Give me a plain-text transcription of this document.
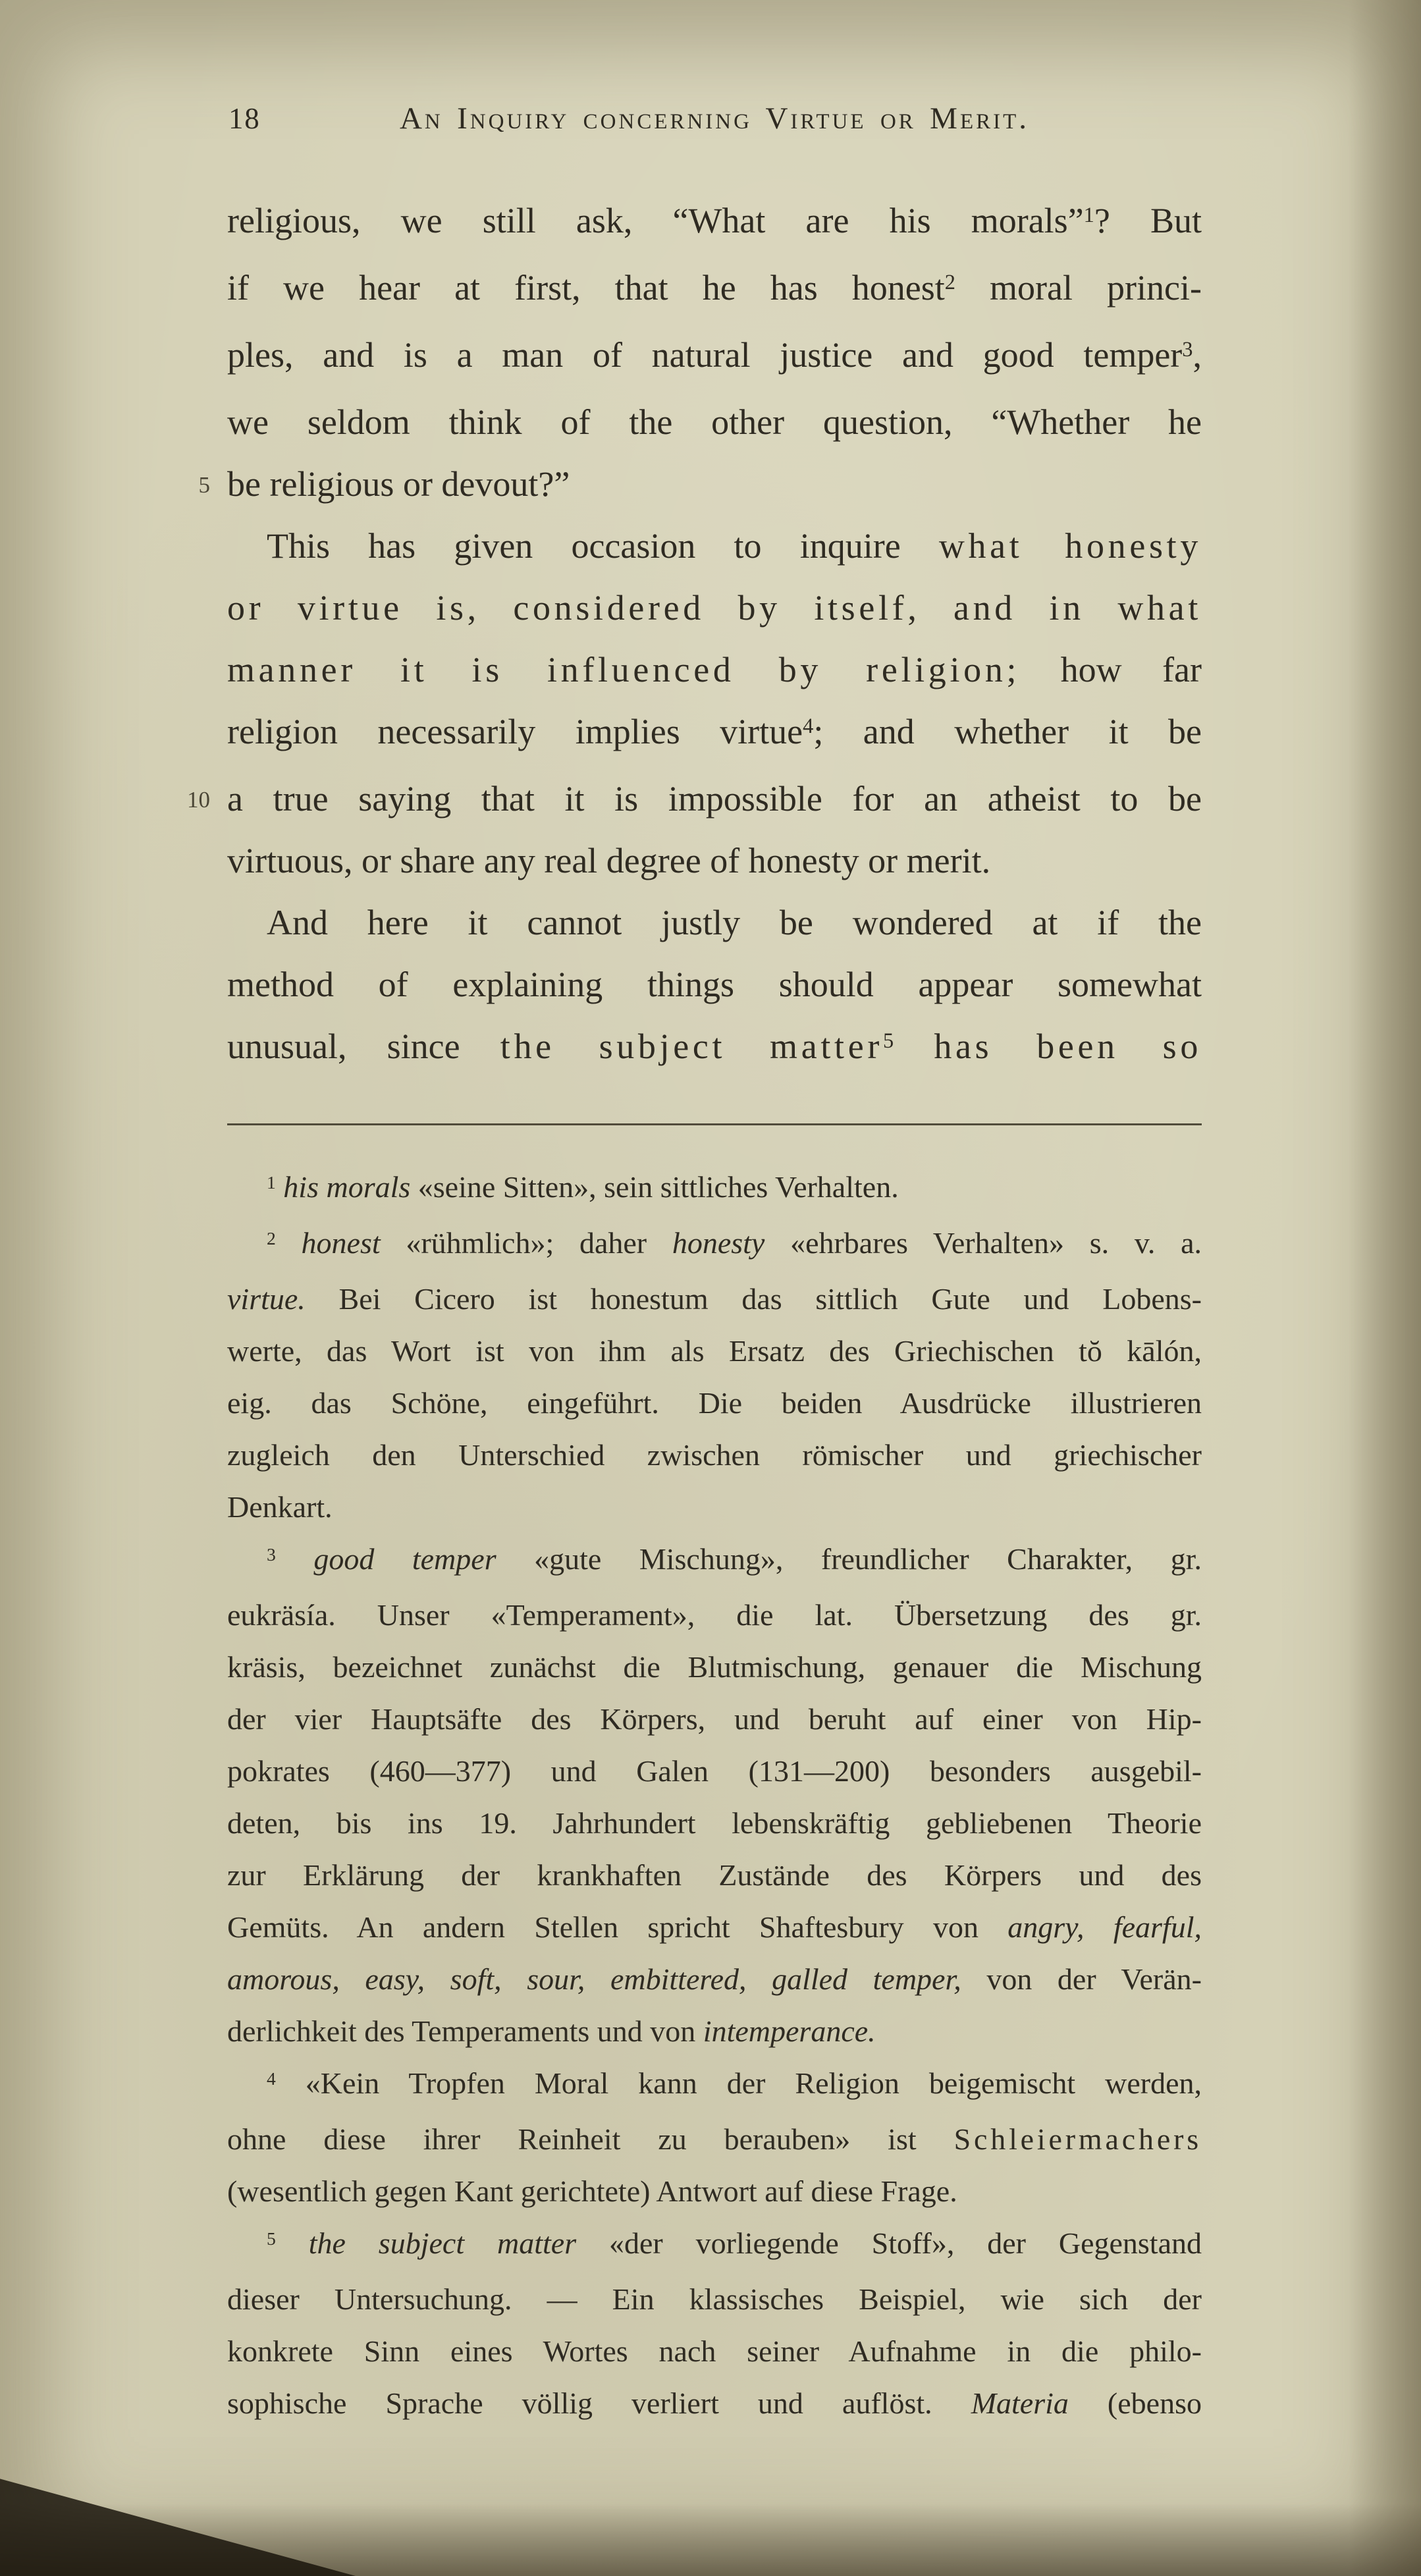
18	An Inquiry concerning Virtue or Merit.
religious, we still ask, “What are his morals”$^1$? But
if we hear at first, that he has honest$^2$ moral princi-
ples, and is a man of natural justice and good temper$^3$,
we seldom think of the other question, “Whether he
5 be religious or devout?”
This has given occasion to inquire what honesty
or virtue is, considered by itself, and in what
manner it is influenced by religion; how far
religion necessarily implies virtue$^4$; and whether it be
10 a true saying that it is impossible for an atheist to be
virtuous, or share any real degree of honesty or merit.
And here it cannot justly be wondered at if the
method of explaining things should appear somewhat
unusual, since the subject matter$^5$ has been so
$^1$ his morals «seine Sitten», sein sittliches Verhalten.
$^2$ honest «rühmlich»; daher honesty «ehrbares Verhalten» s. v. a.
virtue. Bei Cicero ist honestum das sittlich Gute und Lobens-
werte, das Wort ist von ihm als Ersatz des Griechischen tŏ kālón,
eig. das Schöne, eingeführt. Die beiden Ausdrücke illustrieren
zugleich den Unterschied zwischen römischer und griechischer
Denkart.
$^3$ good temper «gute Mischung», freundlicher Charakter, gr.
eukräsía. Unser «Temperament», die lat. Übersetzung des gr.
kräsis, bezeichnet zunächst die Blutmischung, genauer die Mischung
der vier Hauptsäfte des Körpers, und beruht auf einer von Hip-
pokrates (460—377) und Galen (131—200) besonders ausgebil-
deten, bis ins 19. Jahrhundert lebenskräftig gebliebenen Theorie
zur Erklärung der krankhaften Zustände des Körpers und des
Gemüts. An andern Stellen spricht Shaftesbury von angry, fearful,
amorous, easy, soft, sour, embittered, galled temper, von der Verän-
derlichkeit des Temperaments und von intemperance.
$^4$ «Kein Tropfen Moral kann der Religion beigemischt werden,
ohne diese ihrer Reinheit zu berauben» ist Schleiermachers
(wesentlich gegen Kant gerichtete) Antwort auf diese Frage.
$^5$ the subject matter «der vorliegende Stoff», der Gegenstand
dieser Untersuchung. — Ein klassisches Beispiel, wie sich der
konkrete Sinn eines Wortes nach seiner Aufnahme in die philo-
sophische Sprache völlig verliert und auflöst. Materia (ebenso
